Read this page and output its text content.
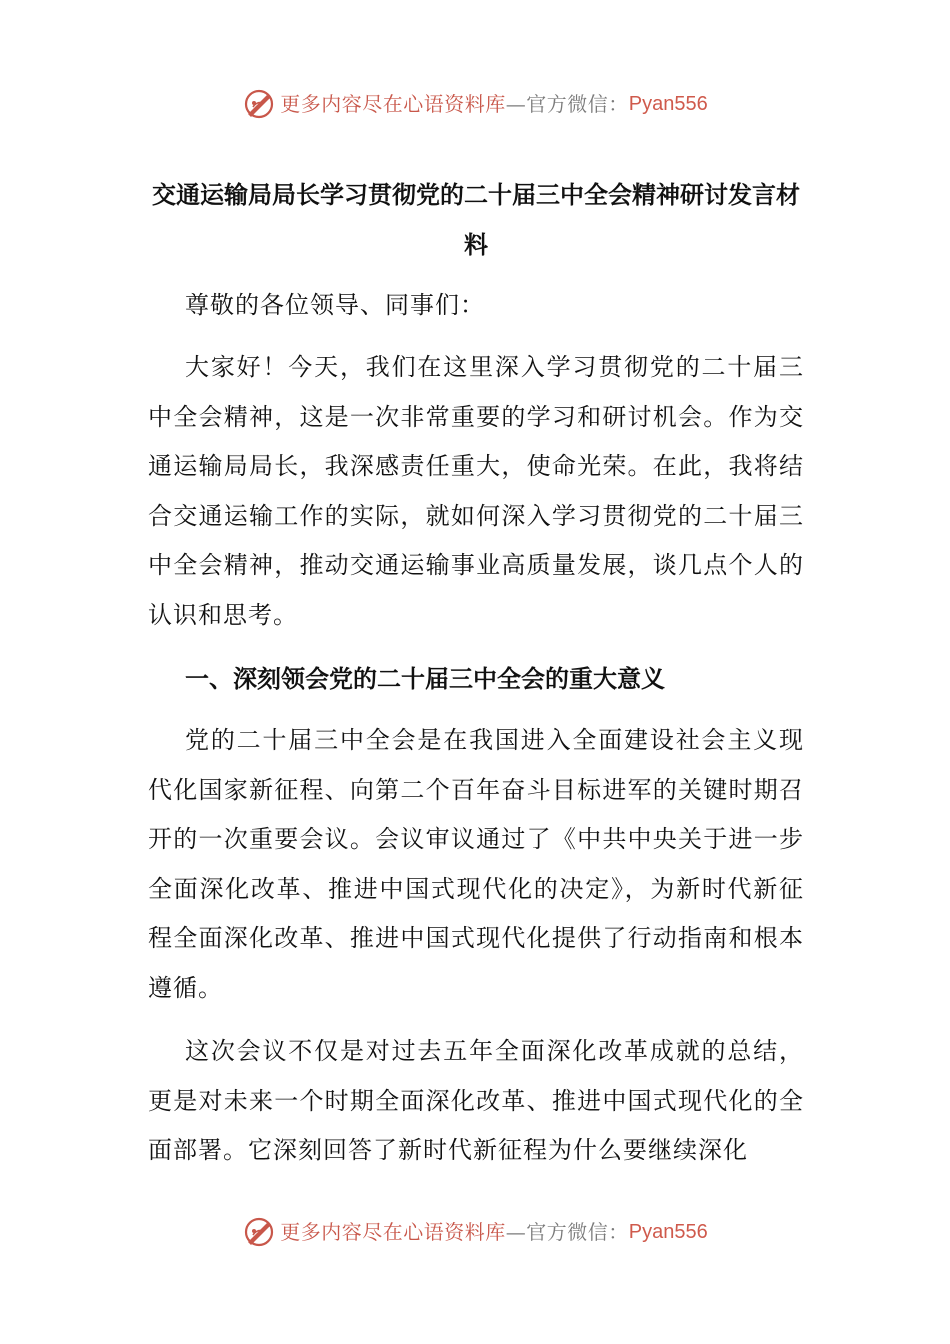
更多内容尽在心语资料库 —官方微信： Pyan556
交通运输局局长学习贯彻党的二十届三中全会精神研讨发言材料

尊敬的各位领导、同事们：

大家好！今天，我们在这里深入学习贯彻党的二十届三中全会精神，这是一次非常重要的学习和研讨机会。作为交通运输局局长，我深感责任重大，使命光荣。在此，我将结合交通运输工作的实际，就如何深入学习贯彻党的二十届三中全会精神，推动交通运输事业高质量发展，谈几点个人的认识和思考。

一、深刻领会党的二十届三中全会的重大意义

党的二十届三中全会是在我国进入全面建设社会主义现代化国家新征程、向第二个百年奋斗目标进军的关键时期召开的一次重要会议。会议审议通过了《中共中央关于进一步全面深化改革、推进中国式现代化的决定》，为新时代新征程全面深化改革、推进中国式现代化提供了行动指南和根本遵循。

这次会议不仅是对过去五年全面深化改革成就的总结，更是对未来一个时期全面深化改革、推进中国式现代化的全面部署。它深刻回答了新时代新征程为什么要继续深化

更多内容尽在心语资料库 —官方微信： Pyan556
